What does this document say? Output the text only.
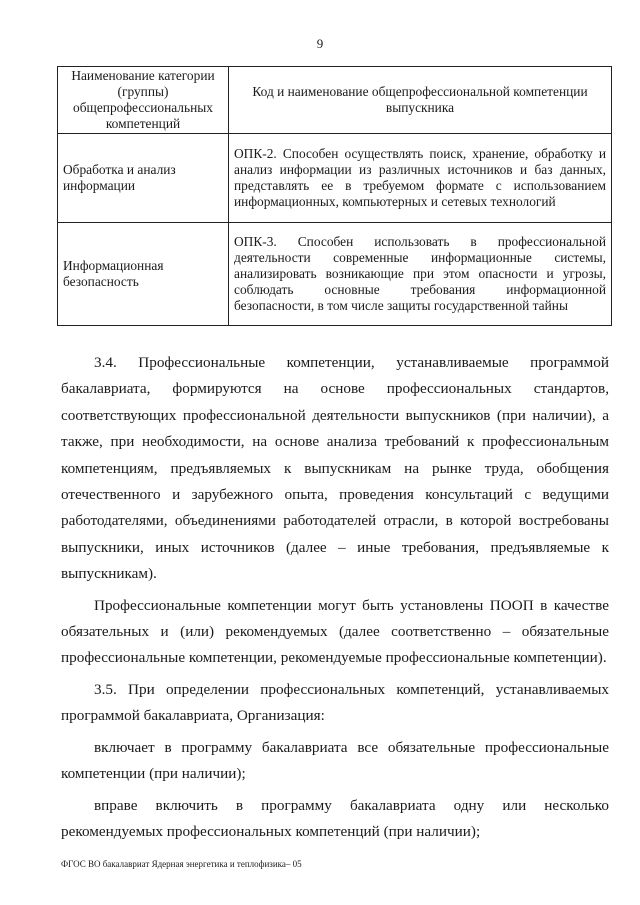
9
Наименование категории (группы) общепрофессиональных компетенций	Код и наименование общепрофессиональной компетенции выпускника
Обработка и анализ информации	ОПК-2. Способен осуществлять поиск, хранение, обработку и анализ информации из различных источников и баз данных, представлять ее в требуемом формате с использованием информационных, компьютерных и сетевых технологий
Информационная безопасность	ОПК-3. Способен использовать в профессиональной деятельности современные информационные системы, анализировать возникающие при этом опасности и угрозы, соблюдать основные требования информационной безопасности, в том числе защиты государственной тайны

3.4. Профессиональные компетенции, устанавливаемые программой бакалавриата, формируются на основе профессиональных стандартов, соответствующих профессиональной деятельности выпускников (при наличии), а также, при необходимости, на основе анализа требований к профессиональным компетенциям, предъявляемых к выпускникам на рынке труда, обобщения отечественного и зарубежного опыта, проведения консультаций с ведущими работодателями, объединениями работодателей отрасли, в которой востребованы выпускники, иных источников (далее – иные требования, предъявляемые к выпускникам).

Профессиональные компетенции могут быть установлены ПООП в качестве обязательных и (или) рекомендуемых (далее соответственно – обязательные профессиональные компетенции, рекомендуемые профессиональные компетенции).

3.5. При определении профессиональных компетенций, устанавливаемых программой бакалавриата, Организация:

включает в программу бакалавриата все обязательные профессиональные компетенции (при наличии);

вправе включить в программу бакалавриата одну или несколько рекомендуемых профессиональных компетенций (при наличии);

ФГОС ВО бакалавриат Ядерная энергетика и теплофизика– 05
